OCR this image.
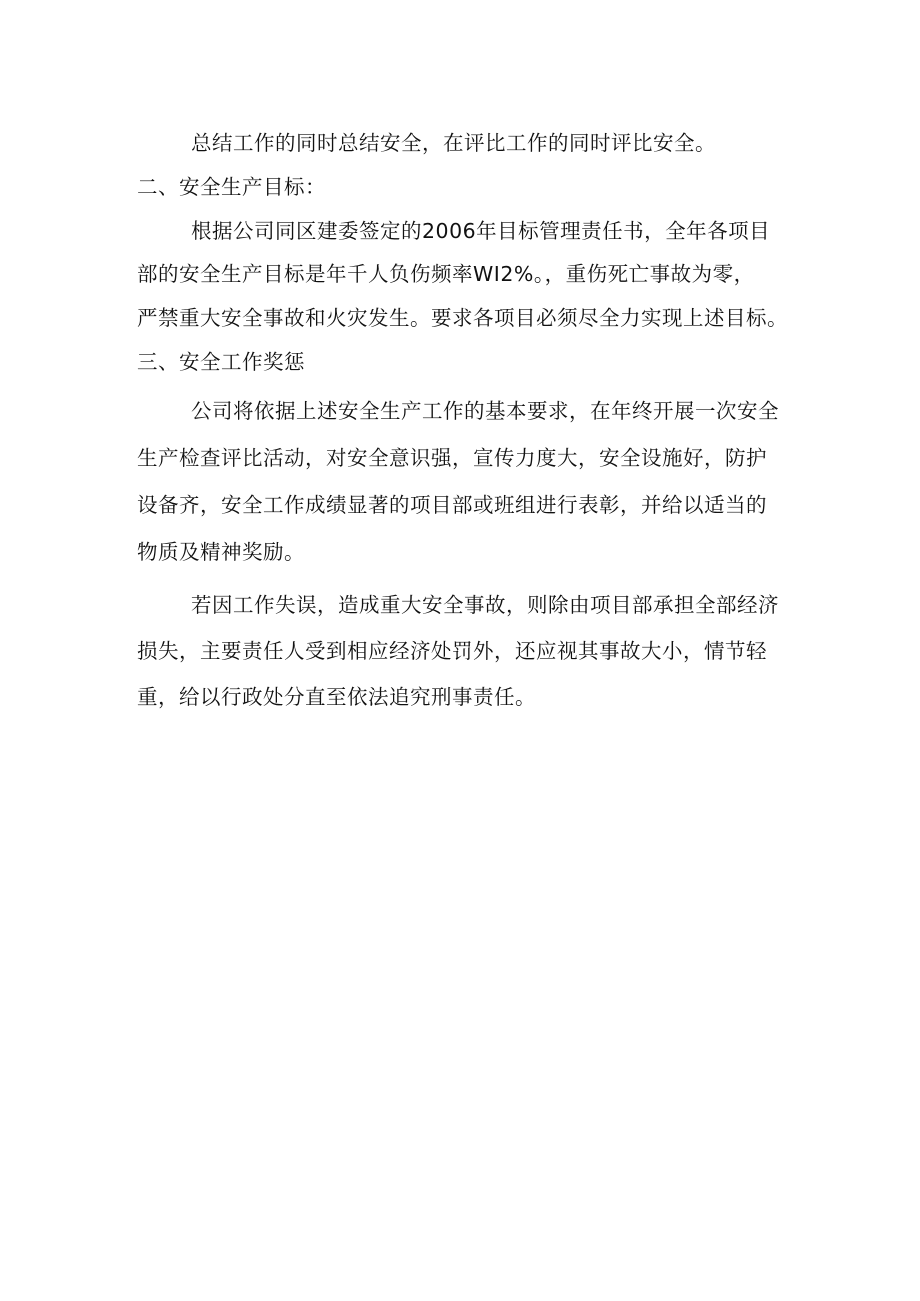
总结工作的同时总结安全，在评比工作的同时评比安全。

二、安全生产目标：

根据公司同区建委签定的2006年目标管理责任书，全年各项目

部的安全生产目标是年千人负伤频率WI2%。，重伤死亡事故为零，

严禁重大安全事故和火灾发生。要求各项目必须尽全力实现上述目标。

三、安全工作奖惩

公司将依据上述安全生产工作的基本要求，在年终开展一次安全

生产检查评比活动，对安全意识强，宣传力度大，安全设施好，防护

设备齐，安全工作成绩显著的项目部或班组进行表彰，并给以适当的

物质及精神奖励。

若因工作失误，造成重大安全事故，则除由项目部承担全部经济

损失，主要责任人受到相应经济处罚外，还应视其事故大小，情节轻

重，给以行政处分直至依法追究刑事责任。
